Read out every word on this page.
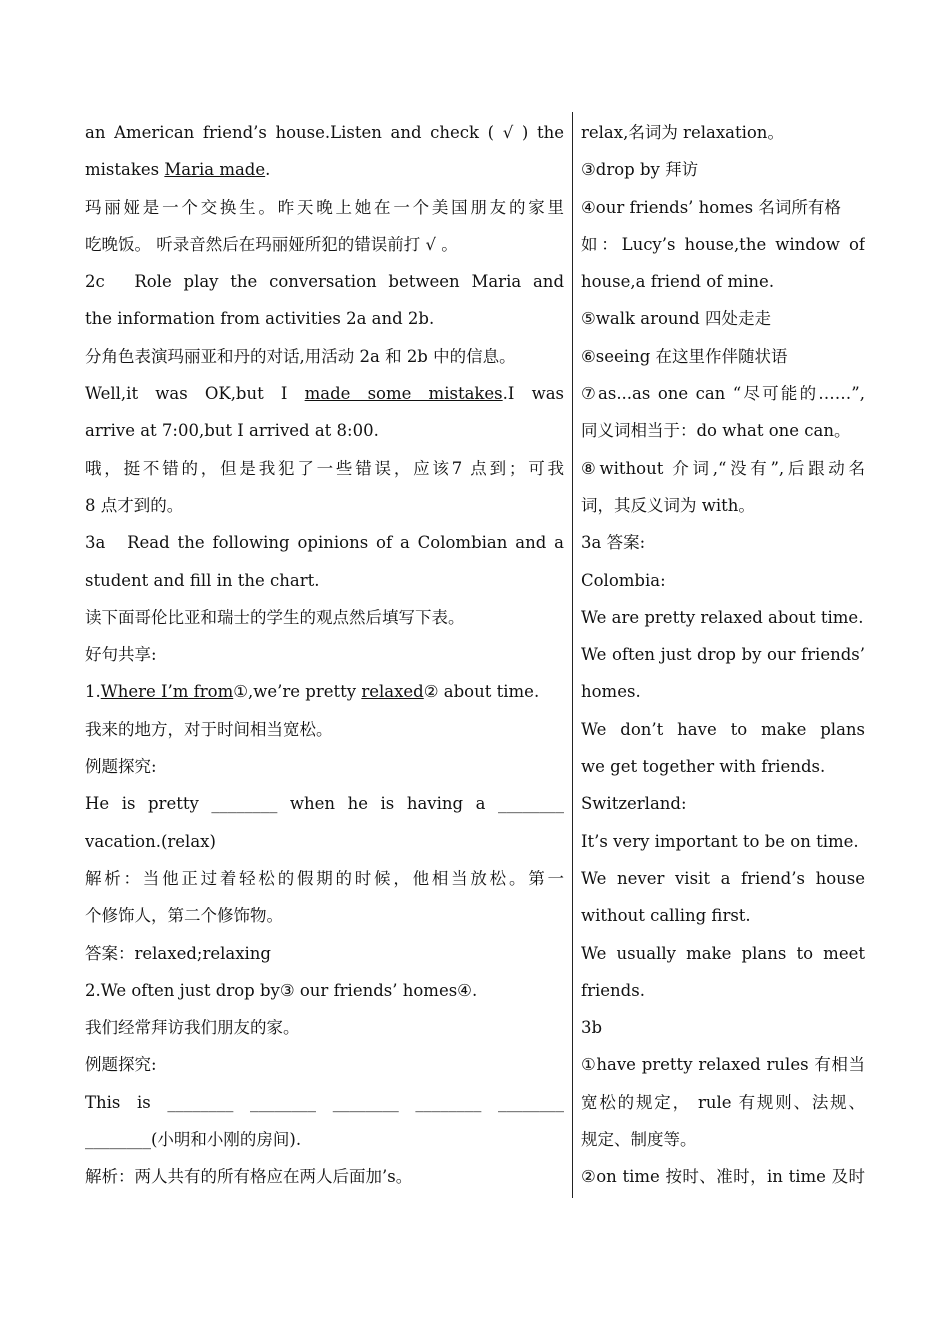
an American friend’s house.Listen and check ( √ ) the
mistakes Maria made.
玛丽娅是一个交换生。昨天晚上她在一个美国朋友的家里
吃晚饭。 听录音然后在玛丽娅所犯的错误前打 √ 。
2c　Role play the conversation between Maria and
the information from activities 2a and 2b.
分角色表演玛丽亚和丹的对话,用活动 2a 和 2b 中的信息。
Well,it was OK,but I made some mistakes.I was
arrive at 7:00,but I arrived at 8:00.
哦，挺不错的，但是我犯了一些错误，应该7 点到；可我
8 点才到的。
3a　Read the following opinions of a Colombian and a
student and fill in the chart.
读下面哥伦比亚和瑞士的学生的观点然后填写下表。
好句共享:
1.Where I’m from①,we’re pretty relaxed② about time.
我来的地方，对于时间相当宽松。
例题探究:
He is pretty ________ when he is having a ________
vacation.(relax)
解析：当他正过着轻松的假期的时候，他相当放松。第一
个修饰人，第二个修饰物。
答案：relaxed;relaxing
2.We often just drop by③ our friends’ homes④.
我们经常拜访我们朋友的家。
例题探究:
This is ________ ________ ________ ________ ________
________(小明和小刚的房间).
解析：两人共有的所有格应在两人后面加’s。
relax,名词为 relaxation。
③drop by 拜访
④our friends’ homes 名词所有格
如：Lucy’s house,the window of
house,a friend of mine.
⑤walk around 四处走走
⑥seeing 在这里作伴随状语
⑦as...as one can “尽可能的……”,
同义词相当于：do what one can。
⑧without 介词,“没有”,后跟动名
词，其反义词为 with。
3a 答案:
Colombia:
We are pretty relaxed about time.
We often just drop by our friends’
homes.
We don’t have to make plans
we get together with friends.
Switzerland:
It’s very important to be on time.
We never visit a friend’s house
without calling first.
We usually make plans to meet
friends.
3b
①have pretty relaxed rules 有相当
宽松的规定， rule 有规则、法规、
规定、制度等。
②on time 按时、准时，in time 及时
